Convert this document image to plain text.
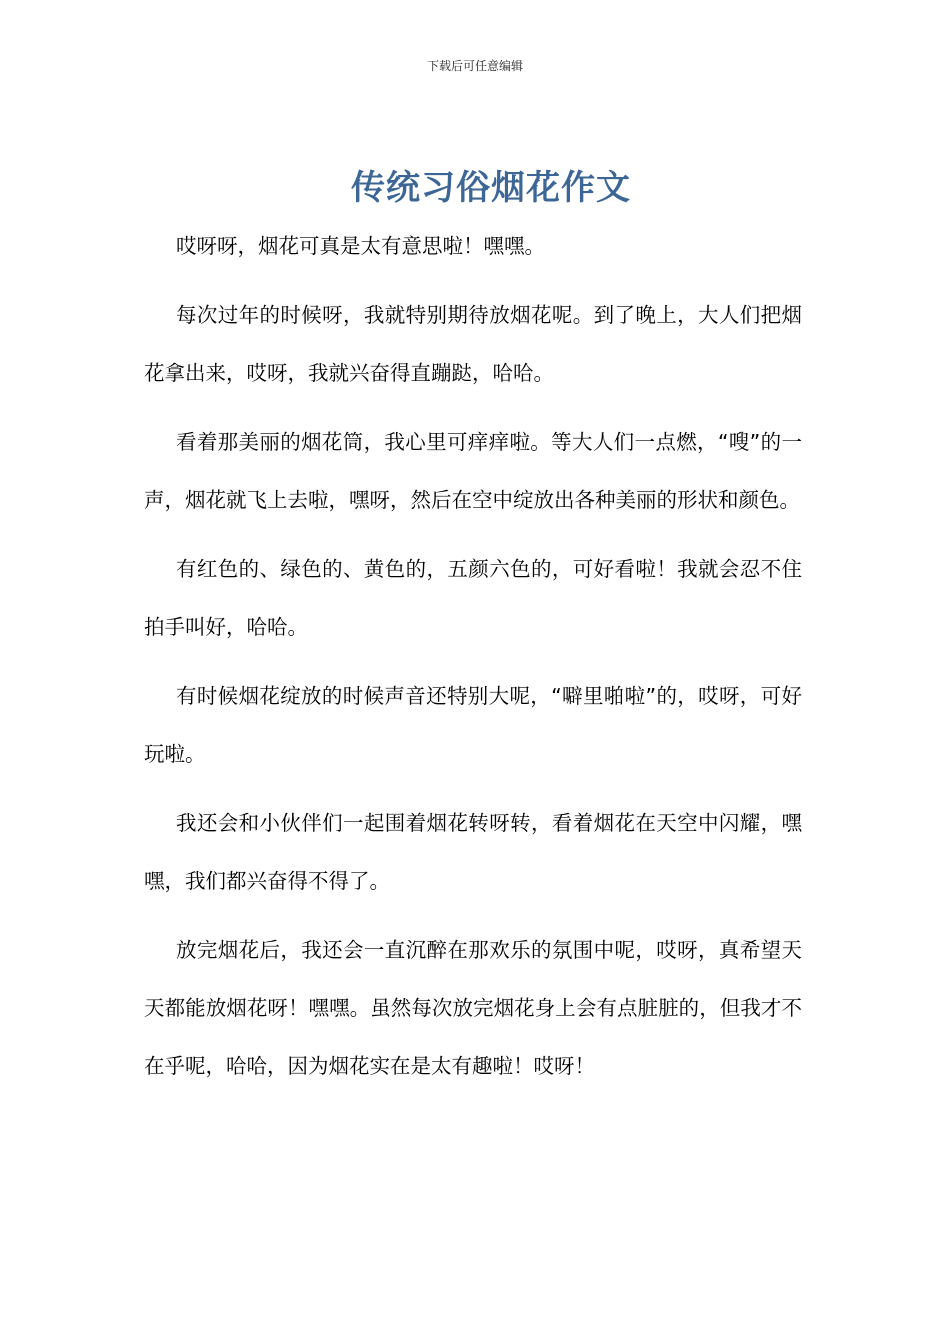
下载后可任意编辑
传统习俗烟花作文

哎呀呀，烟花可真是太有意思啦！嘿嘿。

每次过年的时候呀，我就特别期待放烟花呢。到了晚上，大人们把烟花拿出来，哎呀，我就兴奋得直蹦跶，哈哈。

看着那美丽的烟花筒，我心里可痒痒啦。等大人们一点燃，“嗖”的一声，烟花就飞上去啦，嘿呀，然后在空中绽放出各种美丽的形状和颜色。

有红色的、绿色的、黄色的，五颜六色的，可好看啦！我就会忍不住拍手叫好，哈哈。

有时候烟花绽放的时候声音还特别大呢，“噼里啪啦”的，哎呀，可好玩啦。

我还会和小伙伴们一起围着烟花转呀转，看着烟花在天空中闪耀，嘿嘿，我们都兴奋得不得了。

放完烟花后，我还会一直沉醉在那欢乐的氛围中呢，哎呀，真希望天天都能放烟花呀！嘿嘿。虽然每次放完烟花身上会有点脏脏的，但我才不在乎呢，哈哈，因为烟花实在是太有趣啦！哎呀！
